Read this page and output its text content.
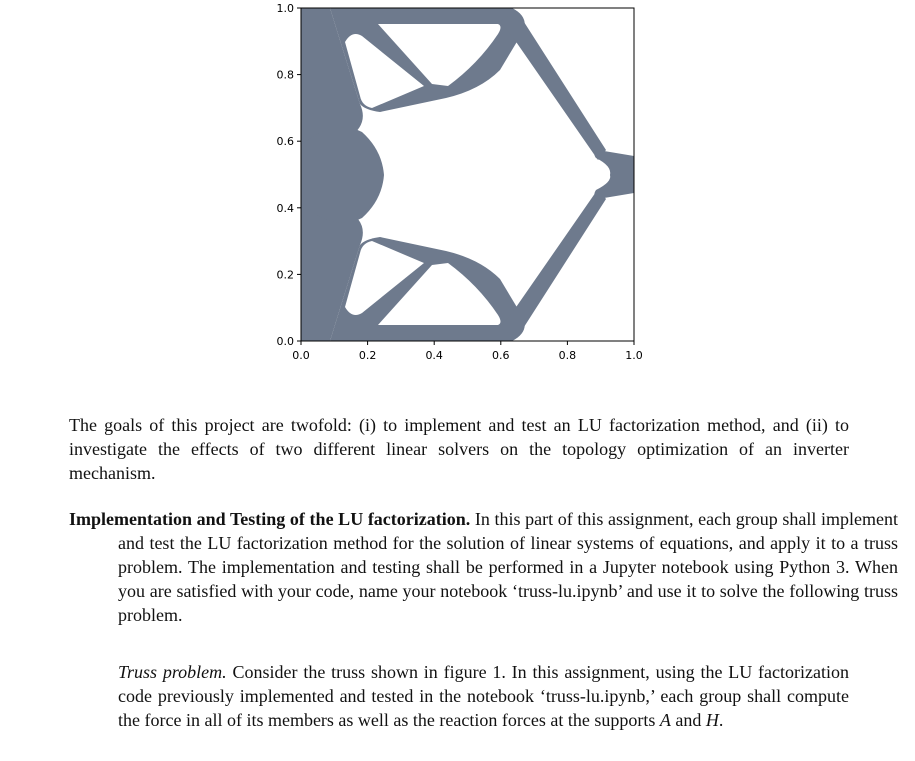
0.0	0.2	0.4	0.6	0.8	1.0
0.0
0.2
0.4
0.6
0.8
1.0
The goals of this project are twofold: (i) to implement and test an LU factorization method, and (ii) to investigate the effects of two different linear solvers on the topology optimization of an inverter mechanism.
Implementation and Testing of the LU factorization. In this part of this assignment, each group shall implement and test the LU factorization method for the solution of linear systems of equations, and apply it to a truss problem. The implementation and testing shall be performed in a Jupyter notebook using Python 3. When you are satisfied with your code, name your notebook ‘truss-lu.ipynb’ and use it to solve the following truss problem.
Truss problem. Consider the truss shown in figure 1. In this assignment, using the LU factorization code previously implemented and tested in the notebook ‘truss-lu.ipynb,’ each group shall compute the force in all of its members as well as the reaction forces at the supports A and H.
